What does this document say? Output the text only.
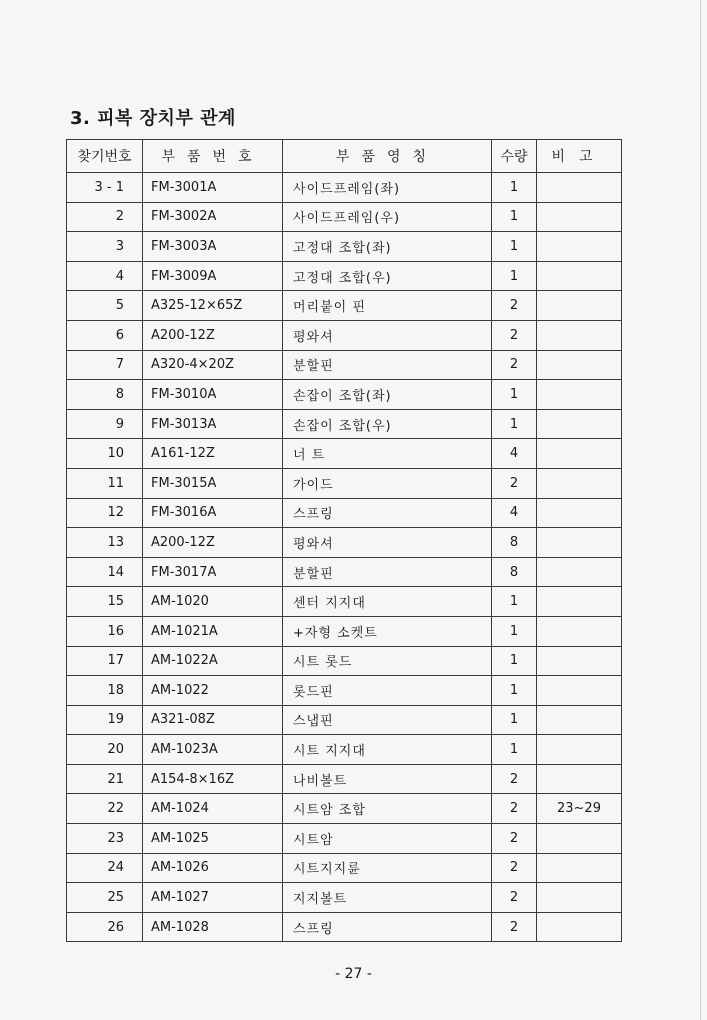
3. 피복 장치부 관계
찾기번호	부품번호	부품영칭	수량	비고
3 - 1	FM-3001A	사이드프레임(좌)	1	
2	FM-3002A	사이드프레임(우)	1	
3	FM-3003A	고정대 조합(좌)	1	
4	FM-3009A	고정대 조합(우)	1	
5	A325-12×65Z	머리붙이 핀	2	
6	A200-12Z	평와셔	2	
7	A320-4×20Z	분할핀	2	
8	FM-3010A	손잡이 조합(좌)	1	
9	FM-3013A	손잡이 조합(우)	1	
10	A161-12Z	너 트	4	
11	FM-3015A	가이드	2	
12	FM-3016A	스프링	4	
13	A200-12Z	평와셔	8	
14	FM-3017A	분할핀	8	
15	AM-1020	센터 지지대	1	
16	AM-1021A	+자형 소켓트	1	
17	AM-1022A	시트 롯드	1	
18	AM-1022	롯드핀	1	
19	A321-08Z	스냅핀	1	
20	AM-1023A	시트 지지대	1	
21	A154-8×16Z	나비볼트	2	
22	AM-1024	시트암 조합	2	23~29
23	AM-1025	시트암	2	
24	AM-1026	시트지지륜	2	
25	AM-1027	지지볼트	2	
26	AM-1028	스프링	2	
- 27 -
